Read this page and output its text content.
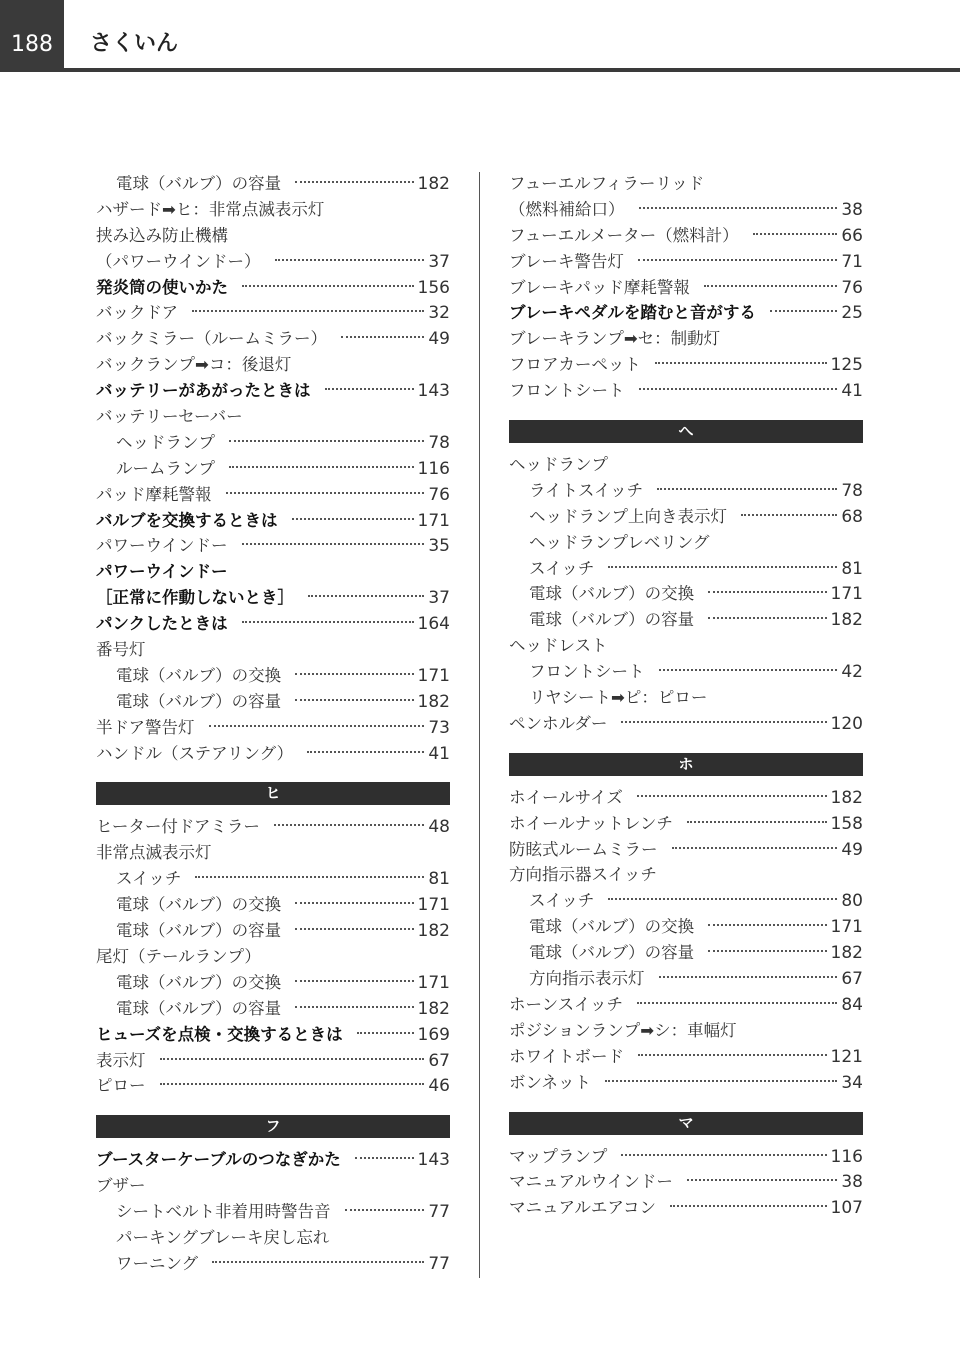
188	さくいん
電球（バルブ）の容量	182
ハザード➡ヒ：非常点滅表示灯
挟み込み防止機構
（パワーウインドー）	37
発炎筒の使いかた	156
バックドア	32
バックミラー（ルームミラー）	49
バックランプ➡コ：後退灯
バッテリーがあがったときは	143
バッテリーセーバー
ヘッドランプ	78
ルームランプ	116
パッド摩耗警報	76
バルブを交換するときは	171
パワーウインドー	35
パワーウインドー
［正常に作動しないとき］	37
パンクしたときは	164
番号灯
電球（バルブ）の交換	171
電球（バルブ）の容量	182
半ドア警告灯	73
ハンドル（ステアリング）	41
ヒ
ヒーター付ドアミラー	48
非常点滅表示灯
スイッチ	81
電球（バルブ）の交換	171
電球（バルブ）の容量	182
尾灯（テールランプ）
電球（バルブ）の交換	171
電球（バルブ）の容量	182
ヒューズを点検・交換するときは	169
表示灯	67
ピロー	46
フ
ブースターケーブルのつなぎかた	143
ブザー
シートベルト非着用時警告音	77
パーキングブレーキ戻し忘れ
ワーニング	77
フューエルフィラーリッド
（燃料補給口）	38
フューエルメーター（燃料計）	66
ブレーキ警告灯	71
ブレーキパッド摩耗警報	76
ブレーキペダルを踏むと音がする	25
ブレーキランプ➡セ：制動灯
フロアカーペット	125
フロントシート	41
へ
ヘッドランプ
ライトスイッチ	78
ヘッドランプ上向き表示灯	68
ヘッドランプレベリング
スイッチ	81
電球（バルブ）の交換	171
電球（バルブ）の容量	182
ヘッドレスト
フロントシート	42
リヤシート➡ピ：ピロー
ペンホルダー	120
ホ
ホイールサイズ	182
ホイールナットレンチ	158
防眩式ルームミラー	49
方向指示器スイッチ
スイッチ	80
電球（バルブ）の交換	171
電球（バルブ）の容量	182
方向指示表示灯	67
ホーンスイッチ	84
ポジションランプ➡シ：車幅灯
ホワイトボード	121
ボンネット	34
マ
マップランプ	116
マニュアルウインドー	38
マニュアルエアコン	107
